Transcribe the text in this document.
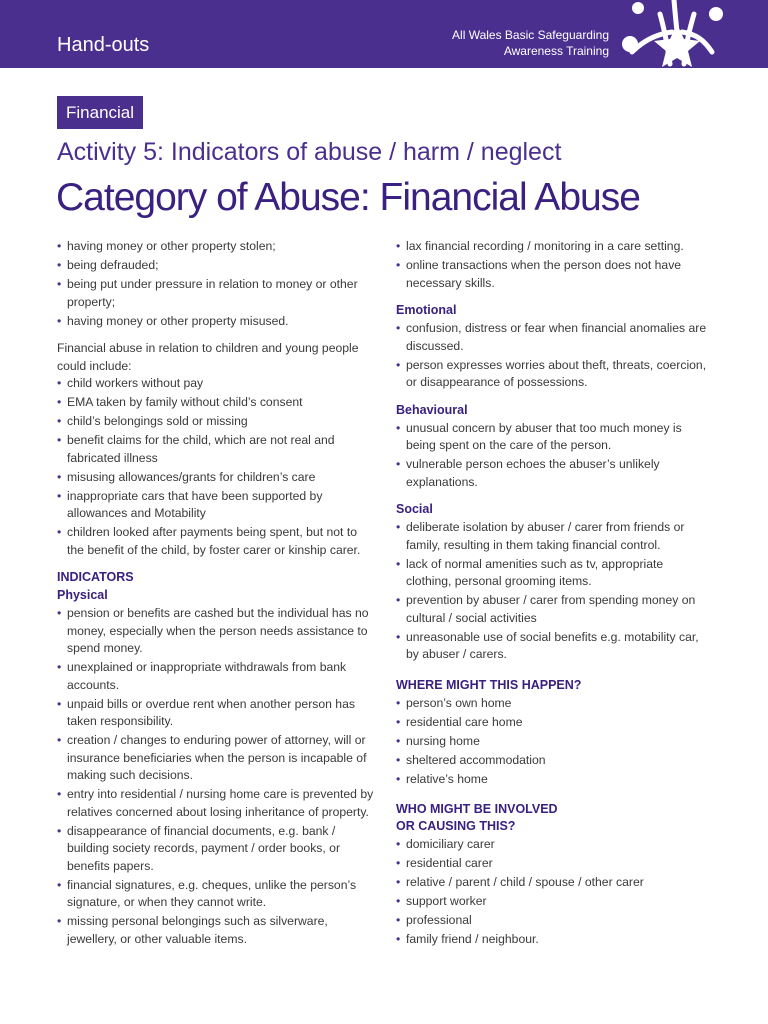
Hand-outs	All Wales Basic Safeguarding
Awareness Training
Financial
Activity 5: Indicators of abuse / harm / neglect
Category of Abuse: Financial Abuse
• having money or other property stolen;
• being defrauded;
• being put under pressure in relation to money or other property;
• having money or other property misused.

Financial abuse in relation to children and young people could include:

• child workers without pay
• EMA taken by family without child’s consent
• child’s belongings sold or missing
• benefit claims for the child, which are not real and fabricated illness
• misusing allowances/grants for children’s care
• inappropriate cars that have been supported by allowances and Motability
• children looked after payments being spent, but not to the benefit of the child, by foster carer or kinship carer.
INDICATORS
Physical
• pension or benefits are cashed but the individual has no money, especially when the person needs assistance to spend money.
• unexplained or inappropriate withdrawals from bank accounts.
• unpaid bills or overdue rent when another person has taken responsibility.
• creation / changes to enduring power of attorney, will or insurance beneficiaries when the person is incapable of making such decisions.
• entry into residential / nursing home care is prevented by relatives concerned about losing inheritance of property.
• disappearance of financial documents, e.g. bank / building society records, payment / order books, or benefits papers.
• financial signatures, e.g. cheques, unlike the person’s signature, or when they cannot write.
• missing personal belongings such as silverware, jewellery, or other valuable items.
• lax financial recording / monitoring in a care setting.
• online transactions when the person does not have necessary skills.
Emotional
• confusion, distress or fear when financial anomalies are discussed.
• person expresses worries about theft, threats, coercion, or disappearance of possessions.
Behavioural
• unusual concern by abuser that too much money is being spent on the care of the person.
• vulnerable person echoes the abuser’s unlikely explanations.
Social
• deliberate isolation by abuser / carer from friends or family, resulting in them taking financial control.
• lack of normal amenities such as tv, appropriate clothing, personal grooming items.
• prevention by abuser / carer from spending money on cultural / social activities
• unreasonable use of social benefits e.g. motability car, by abuser / carers.
WHERE MIGHT THIS HAPPEN?
• person’s own home
• residential care home
• nursing home
• sheltered accommodation
• relative’s home
WHO MIGHT BE INVOLVED
OR CAUSING THIS?
• domiciliary carer
• residential carer
• relative / parent / child / spouse / other carer
• support worker
• professional
• family friend / neighbour.
